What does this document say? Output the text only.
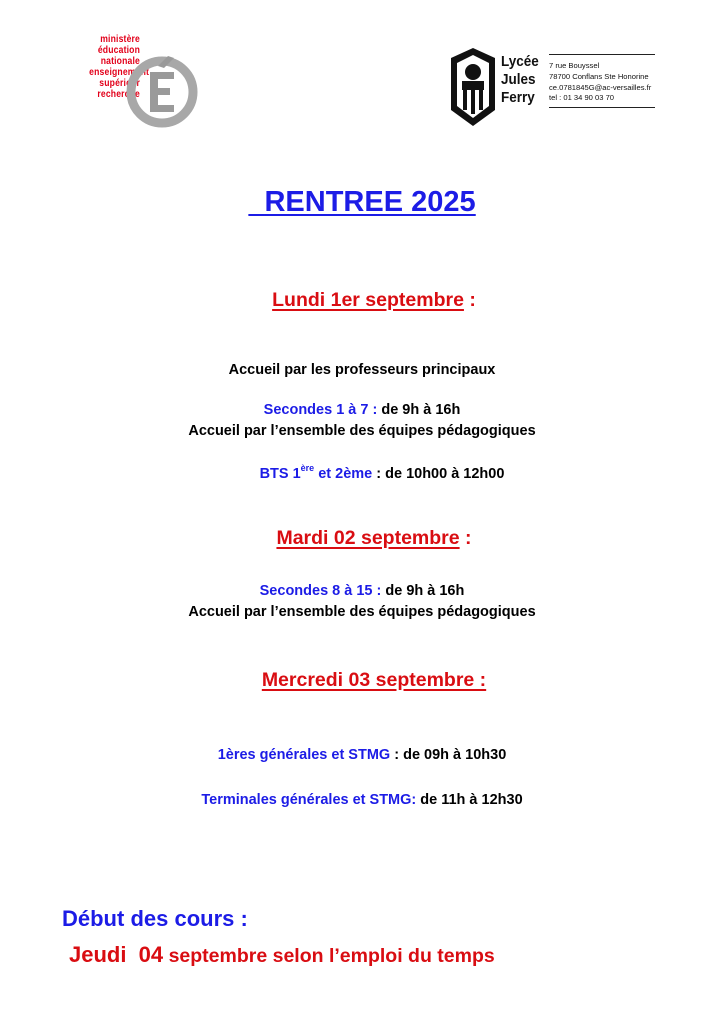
ministère
éducation
nationale
enseignement
supérieur
recherche
Lycée
Jules
Ferry
7 rue Bouyssel
78700 Conflans Ste Honorine
ce.0781845G@ac-versailles.fr
tel : 01 34 90 03 70
RENTREE 2025
Lundi 1er septembre :
Accueil par les professeurs principaux
Secondes 1 à 7 : de 9h à 16h
Accueil par l’ensemble des équipes pédagogiques
BTS 1ère et 2ème : de 10h00 à 12h00
Mardi 02 septembre :
Secondes 8 à 15 : de 9h à 16h
Accueil par l’ensemble des équipes pédagogiques
Mercredi 03 septembre :
1ères générales et STMG : de 09h à 10h30
Terminales générales et STMG: de 11h à 12h30
Début des cours :
Jeudi  04 septembre selon l’emploi du temps
